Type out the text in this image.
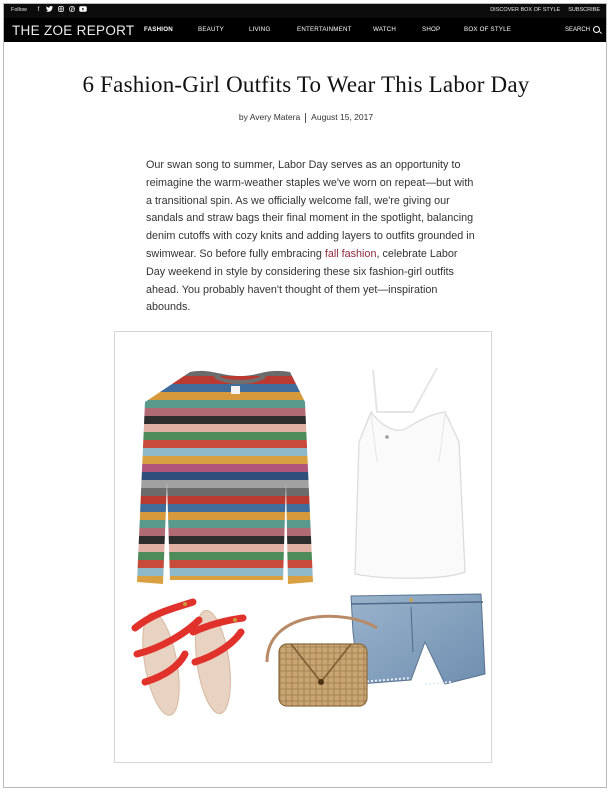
Follow	f	DISCOVER BOX OF STYLE SUBSCRIBE
THE ZOE REPORT FASHION	BEAUTY	LIVING	ENTERTAINMENT	WATCH	SHOP	BOX OF STYLE	SEARCH
6 Fashion-Girl Outfits To Wear This Labor Day
by Avery Matera August 15, 2017
Our swan song to summer, Labor Day serves as an opportunity to reimagine the warm-weather staples we've worn on repeat—but with a transitional spin. As we officially welcome fall, we're giving our sandals and straw bags their final moment in the spotlight, balancing denim cutoffs with cozy knits and adding layers to outfits grounded in swimwear. So before fully embracing fall fashion, celebrate Labor Day weekend in style by considering these six fashion-girl outfits ahead. You probably haven't thought of them yet—inspiration abounds.
